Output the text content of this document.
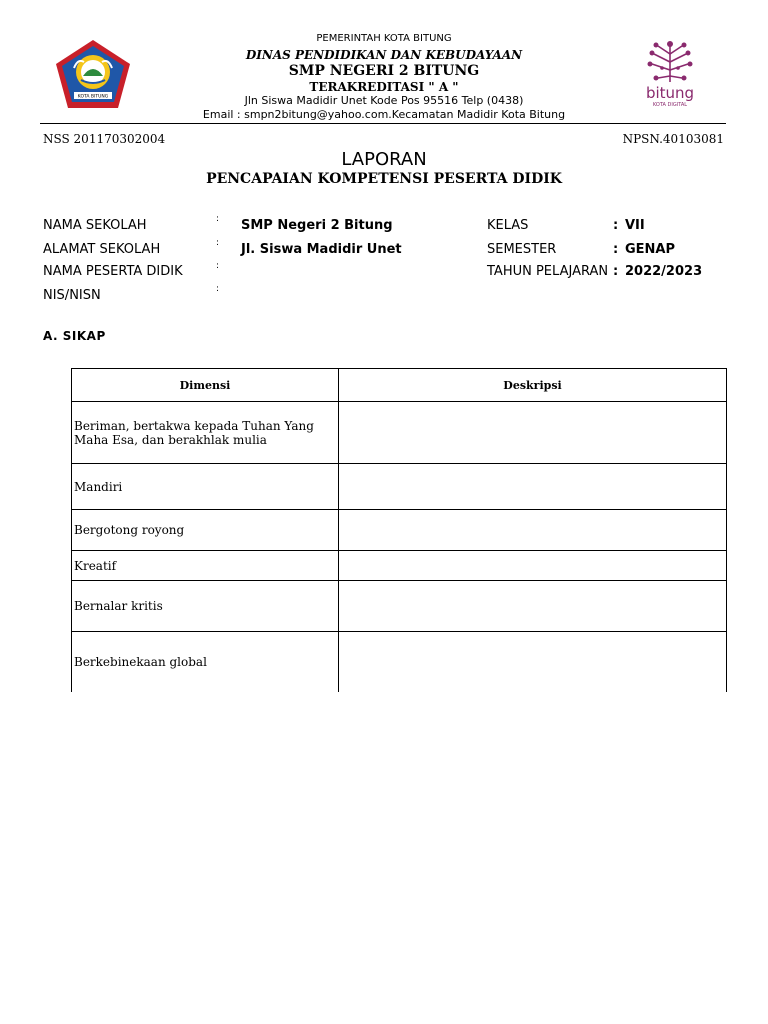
KOTA BITUNG	bitung
KOTA DIGITAL
PEMERINTAH KOTA BITUNG
DINAS PENDIDIKAN DAN KEBUDAYAAN
SMP NEGERI 2 BITUNG
TERAKREDITASI " A "
Jln Siswa Madidir Unet Kode Pos 95516 Telp (0438)
Email : smpn2bitung@yahoo.com.Kecamatan Madidir Kota Bitung
NSS 201170302004	NPSN.40103081
LAPORAN
PENCAPAIAN KOMPETENSI PESERTA DIDIK
NAMA SEKOLAH	: SMP Negeri 2 Bitung
ALAMAT SEKOLAH	: Jl. Siswa Madidir Unet
NAMA PESERTA DIDIK	:
NIS/NISN	:
KELAS	: VII
SEMESTER	: GENAP
TAHUN PELAJARAN : 2022/2023
A. SIKAP
Dimensi	Deskripsi
Beriman, bertakwa kepada Tuhan Yang Maha Esa, dan berakhlak mulia	
Mandiri	
Bergotong royong	
Kreatif	
Bernalar kritis	
Berkebinekaan global	
